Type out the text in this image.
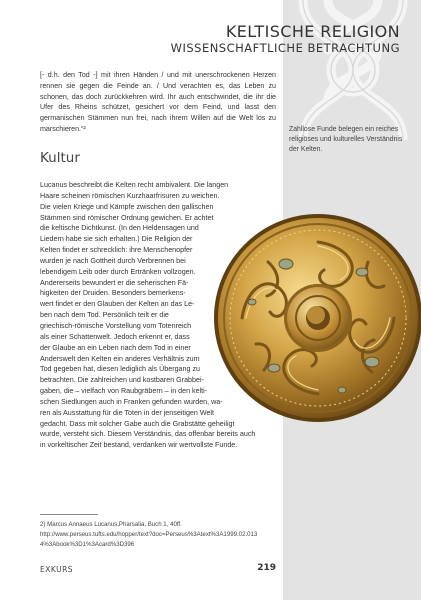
KELTISCHE RELIGION
WISSENSCHAFTLICHE BETRACHTUNG
[- d.h. den Tod -] mit ihren Händen / und mit unerschrockenen Herzen rennen sie gegen die Feinde an. / Und verachten es, das Leben zu schonen, das doch zurückkehren wird. Ihr auch entschwindet, die ihr die Ufer des Rheins schützet, gesichert vor dem Feind, und lasst den germanischen Stämmen nun frei, nach ihrem Willen auf die Welt los zu marschieren.“²	Zahllose Funde belegen ein reiches religiöses und kulturelles Verständnis der Kelten.
Kultur
Lucanus beschreibt die Kelten recht ambivalent. Die langen
Haare scheinen römischen Kurzhaarfrisuren zu weichen.
Die vielen Kriege und Kämpfe zwischen den gallischen
Stämmen sind römischer Ordnung gewichen. Er achtet
die keltische Dichtkunst. (In den Heldensagen und
Liedern habe sie sich erhalten.) Die Religion der
Kelten findet er schrecklich: ihre Menschenopfer
wurden je nach Gottheit durch Verbrennen bei
lebendigem Leib oder durch Ertränken vollzogen.
Andererseits bewundert er die seherischen Fä-
higkeiten der Druiden. Besonders bemerkens-
wert findet er den Glauben der Kelten an das Le-
ben nach dem Tod. Persönlich teilt er die
griechisch-römische Vorstellung vom Totenreich
als einer Schattenwelt. Jedoch erkennt er, dass
der Glaube an ein Leben nach dem Tod in einer
Anderswelt den Kelten ein anderes Verhältnis zum
Tod gegeben hat, diesen lediglich als Übergang zu
betrachten. Die zahlreichen und kostbaren Grabbei-
gaben, die – vielfach von Raubgräbern – in den kelti-
schen Siedlungen auch in Franken gefunden wurden, wa-
ren als Ausstattung für die Toten in der jenseitigen Welt
gedacht. Dass mit solcher Gabe auch die Grabstätte geheiligt
wurde, versteht sich. Diesem Verständnis, das offenbar bereits auch
in vorkeltischer Zeit bestand, verdanken wir wertvollste Funde.
2) Marcus Annaeus Lucanus,Pharsalia, Buch 1, 40ff.
http://www.perseus.tufts.edu/hopper/text?doc=Perseus%3Atext%3A1999.02.013
4%3Abook%3D1%3Acard%3D396
EXKURS	219
